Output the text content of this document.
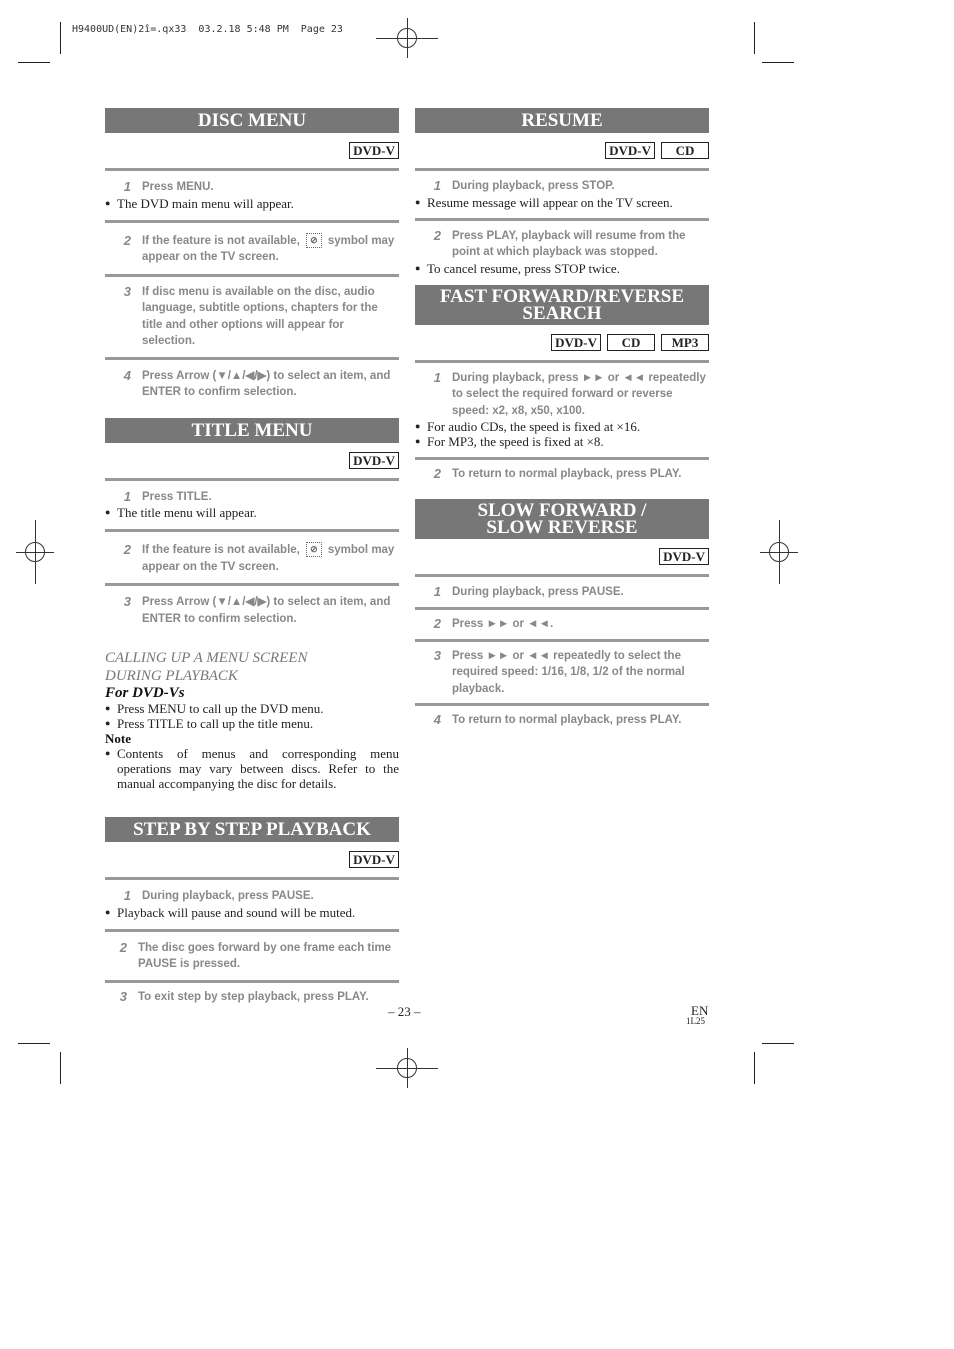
H9400UD(EN)2î=.qx33  03.2.18 5:48 PM  Page 23
DISC MENU
DVD-V
1 Press MENU.
● The DVD main menu will appear.
2 If the feature is not available, ⊘ symbol may appear on the TV screen.
3 If disc menu is available on the disc, audio language, subtitle options, chapters for the title and other options will appear for selection.
4 Press Arrow (▼/▲/◀/▶) to select an item, and ENTER to confirm selection.
TITLE MENU
DVD-V
1 Press TITLE.
● The title menu will appear.
2 If the feature is not available, ⊘ symbol may appear on the TV screen.
3 Press Arrow (▼/▲/◀/▶) to select an item, and ENTER to confirm selection.
CALLING UP A MENU SCREEN DURING PLAYBACK
For DVD-Vs
● Press MENU to call up the DVD menu.
● Press TITLE to call up the title menu.
Note
● Contents of menus and corresponding menu operations may vary between discs. Refer to the manual accompanying the disc for details.
STEP BY STEP PLAYBACK
DVD-V
1 During playback, press PAUSE.
● Playback will pause and sound will be muted.
2 The disc goes forward by one frame each time PAUSE is pressed.
3 To exit step by step playback, press PLAY.
RESUME
DVD-V	CD
1 During playback, press STOP.
● Resume message will appear on the TV screen.
2 Press PLAY, playback will resume from the point at which playback was stopped.
● To cancel resume, press STOP twice.
FAST FORWARD/REVERSE
SEARCH
DVD-V	CD	MP3
1 During playback, press ►► or ◄◄ repeatedly to select the required forward or reverse speed: x2, x8, x50, x100.
● For audio CDs, the speed is fixed at ×16.
● For MP3, the speed is fixed at ×8.
2 To return to normal playback, press PLAY.
SLOW FORWARD /
SLOW REVERSE
DVD-V
1 During playback, press PAUSE.
2 Press ►► or ◄◄.
3 Press ►► or ◄◄ repeatedly to select the required speed: 1/16, 1/8, 1/2 of the normal playback.
4 To return to normal playback, press PLAY.
– 23 –	EN
1L25
